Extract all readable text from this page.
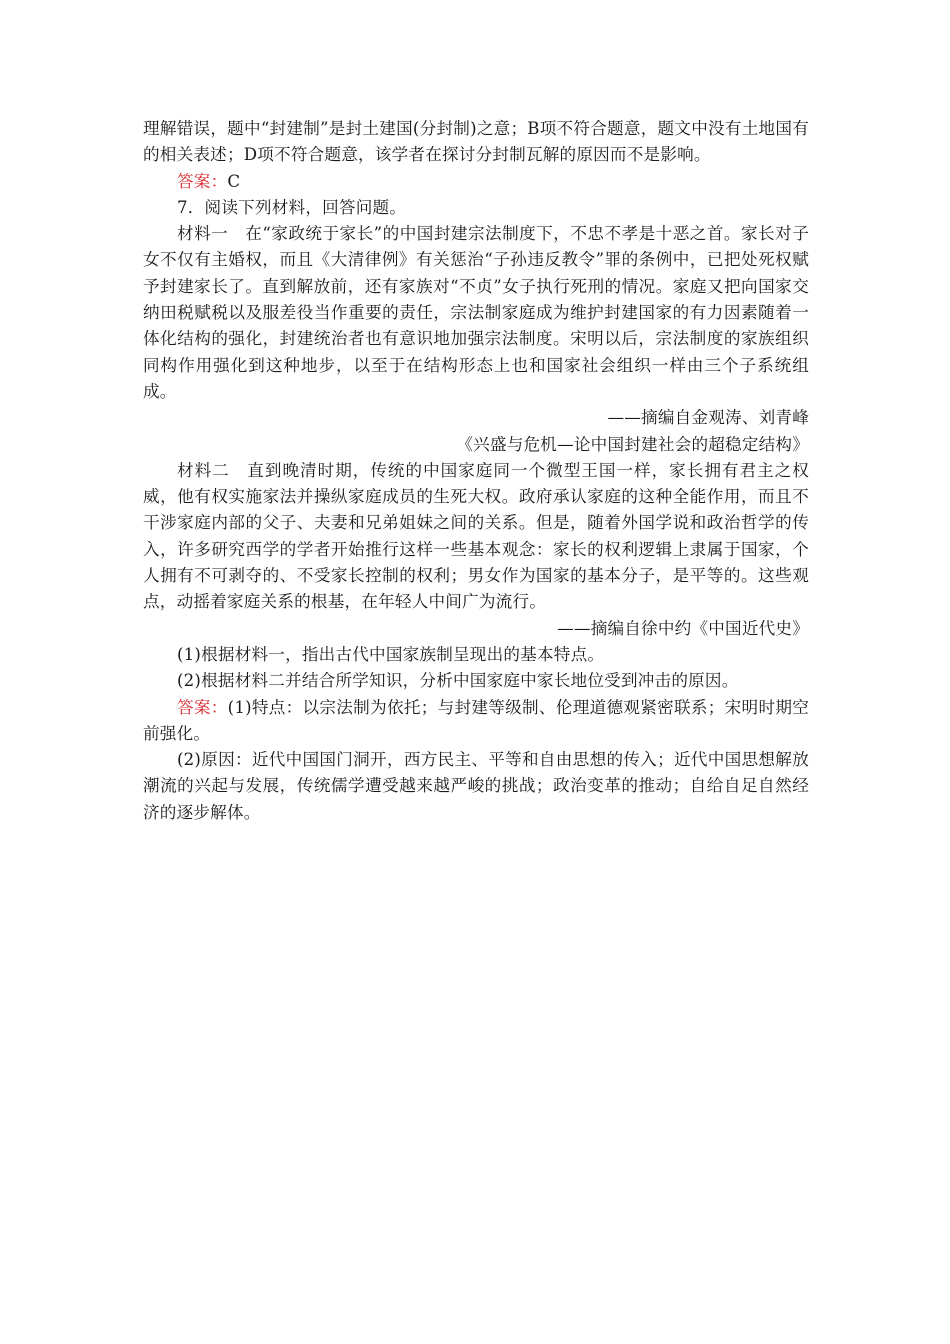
理解错误，题中“封建制”是封土建国(分封制)之意；B项不符合题意，题文中没有土地国有的相关表述；D项不符合题意，该学者在探讨分封制瓦解的原因而不是影响。

答案：C

7．阅读下列材料，回答问题。

材料一　在“家政统于家长”的中国封建宗法制度下，不忠不孝是十恶之首。家长对子女不仅有主婚权，而且《大清律例》有关惩治“子孙违反教令”罪的条例中，已把处死权赋予封建家长了。直到解放前，还有家族对“不贞”女子执行死刑的情况。家庭又把向国家交纳田税赋税以及服差役当作重要的责任，宗法制家庭成为维护封建国家的有力因素随着一体化结构的强化，封建统治者也有意识地加强宗法制度。宋明以后，宗法制度的家族组织同构作用强化到这种地步，以至于在结构形态上也和国家社会组织一样由三个子系统组成。

——摘编自金观涛、刘青峰

《兴盛与危机—论中国封建社会的超稳定结构》

材料二　直到晚清时期，传统的中国家庭同一个微型王国一样，家长拥有君主之权威，他有权实施家法并操纵家庭成员的生死大权。政府承认家庭的这种全能作用，而且不干涉家庭内部的父子、夫妻和兄弟姐妹之间的关系。但是，随着外国学说和政治哲学的传入，许多研究西学的学者开始推行这样一些基本观念：家长的权利逻辑上隶属于国家，个人拥有不可剥夺的、不受家长控制的权利；男女作为国家的基本分子，是平等的。这些观点，动摇着家庭关系的根基，在年轻人中间广为流行。

——摘编自徐中约《中国近代史》

(1)根据材料一，指出古代中国家族制呈现出的基本特点。

(2)根据材料二并结合所学知识，分析中国家庭中家长地位受到冲击的原因。

答案：(1)特点：以宗法制为依托；与封建等级制、伦理道德观紧密联系；宋明时期空前强化。

(2)原因：近代中国国门洞开，西方民主、平等和自由思想的传入；近代中国思想解放潮流的兴起与发展，传统儒学遭受越来越严峻的挑战；政治变革的推动；自给自足自然经济的逐步解体。
